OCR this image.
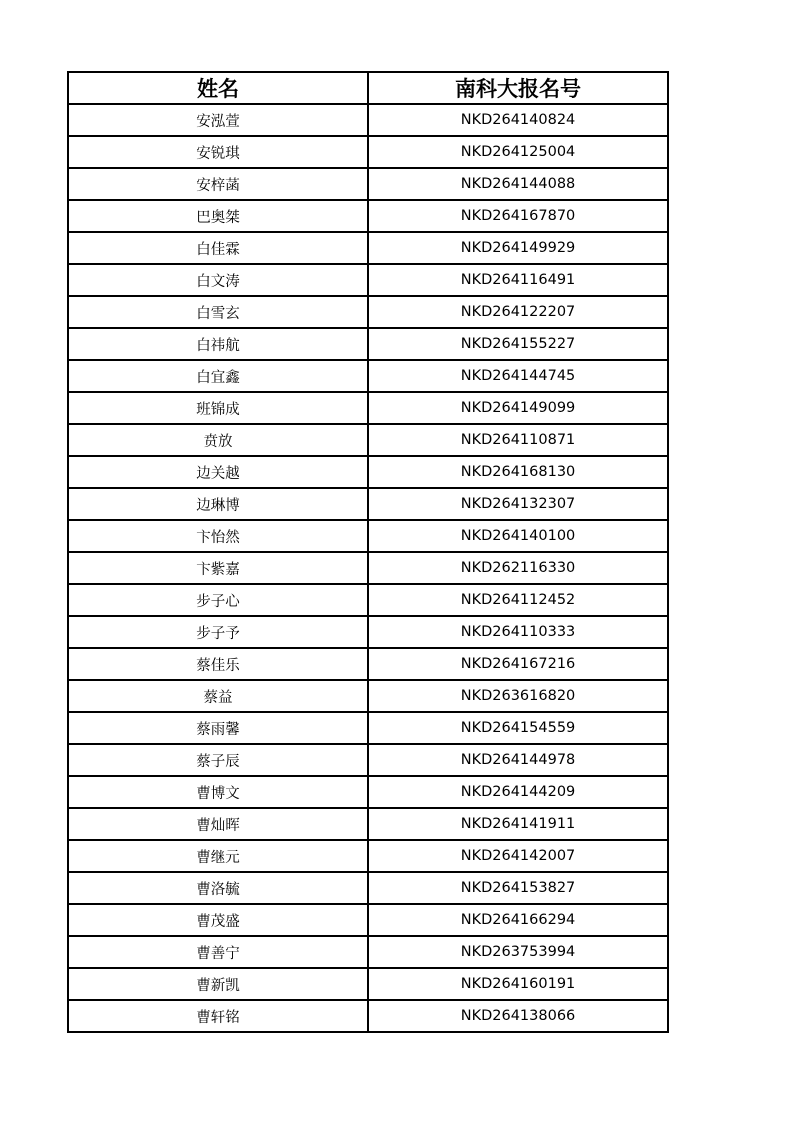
姓名	南科大报名号
安泓萱	NKD264140824
安锐琪	NKD264125004
安梓菡	NKD264144088
巴奥桀	NKD264167870
白佳霖	NKD264149929
白文涛	NKD264116491
白雪玄	NKD264122207
白祎航	NKD264155227
白宜鑫	NKD264144745
班锦成	NKD264149099
贲放	NKD264110871
边关越	NKD264168130
边琳博	NKD264132307
卞怡然	NKD264140100
卞紫嘉	NKD262116330
步子心	NKD264112452
步子予	NKD264110333
蔡佳乐	NKD264167216
蔡益	NKD263616820
蔡雨馨	NKD264154559
蔡子辰	NKD264144978
曹博文	NKD264144209
曹灿晖	NKD264141911
曹继元	NKD264142007
曹洛毓	NKD264153827
曹茂盛	NKD264166294
曹善宁	NKD263753994
曹新凯	NKD264160191
曹轩铭	NKD264138066
